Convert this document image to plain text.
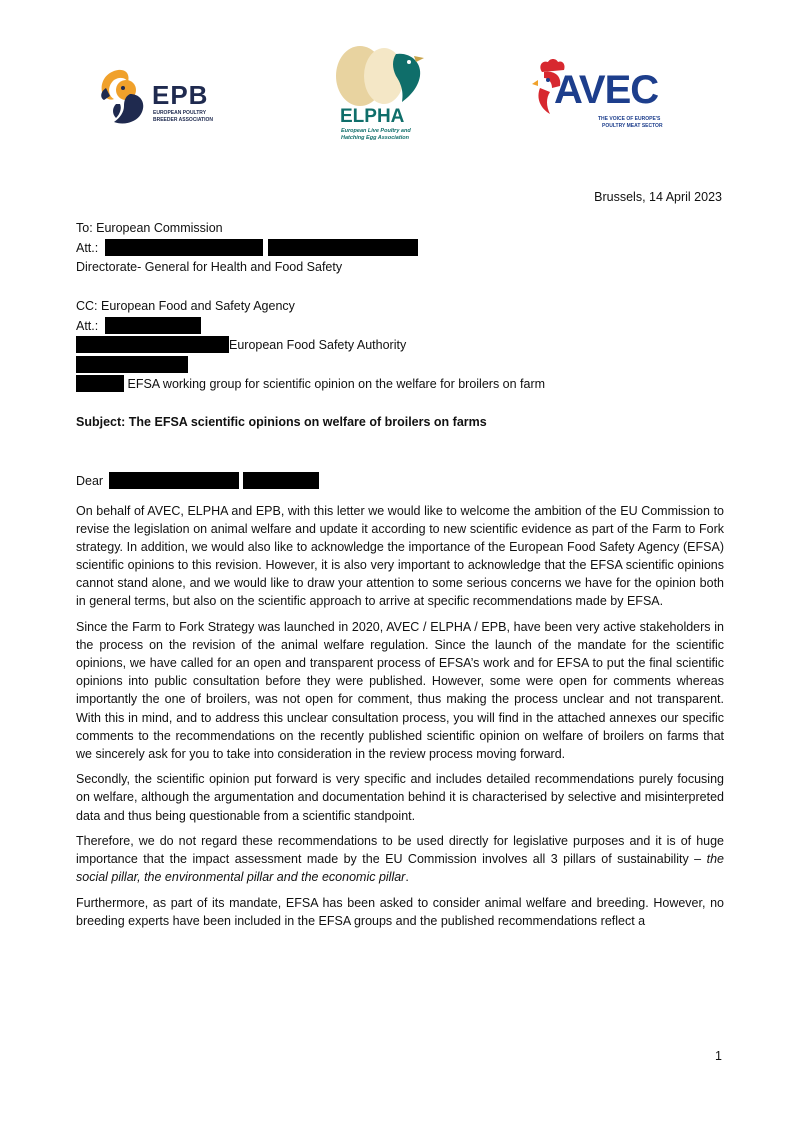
EPB
EUROPEAN POULTRY
BREEDER ASSOCIATION	ELPHA
European Live Poultry and
Hatching Egg Association
AVEC
THE VOICE OF EUROPE'S
POULTRY MEAT SECTOR
Brussels, 14 April 2023
To: European Commission
Att.:
Directorate- General for Health and Food Safety
CC: European Food and Safety Agency
Att.:
European Food Safety Authority
EFSA working group for scientific opinion on the welfare for broilers on farm
Subject: The EFSA scientific opinions on welfare of broilers on farms
Dear

On behalf of AVEC, ELPHA and EPB, with this letter we would like to welcome the ambition of the EU Commission to revise the legislation on animal welfare and update it according to new scientific evidence as part of the Farm to Fork strategy. In addition, we would also like to acknowledge the importance of the European Food Safety Agency (EFSA) scientific opinions to this revision. However, it is also very important to acknowledge that the EFSA scientific opinions cannot stand alone, and we would like to draw your attention to some serious concerns we have for the opinion both in general terms, but also on the scientific approach to arrive at specific recommendations made by EFSA.

Since the Farm to Fork Strategy was launched in 2020, AVEC / ELPHA / EPB, have been very active stakeholders in the process on the revision of the animal welfare regulation. Since the launch of the mandate for the scientific opinions, we have called for an open and transparent process of EFSA’s work and for EFSA to put the final scientific opinions into public consultation before they were published. However, some were open for comments whereas importantly the one of broilers, was not open for comment, thus making the process unclear and not transparent. With this in mind, and to address this unclear consultation process, you will find in the attached annexes our specific comments to the recommendations on the recently published scientific opinion on welfare of broilers on farms that we sincerely ask for you to take into consideration in the review process moving forward.

Secondly, the scientific opinion put forward is very specific and includes detailed recommendations purely focusing on welfare, although the argumentation and documentation behind it is characterised by selective and misinterpreted data and thus being questionable from a scientific standpoint.

Therefore, we do not regard these recommendations to be used directly for legislative purposes and it is of huge importance that the impact assessment made by the EU Commission involves all 3 pillars of sustainability – the social pillar, the environmental pillar and the economic pillar.

Furthermore, as part of its mandate, EFSA has been asked to consider animal welfare and breeding. However, no breeding experts have been included in the EFSA groups and the published recommendations reflect a

1
